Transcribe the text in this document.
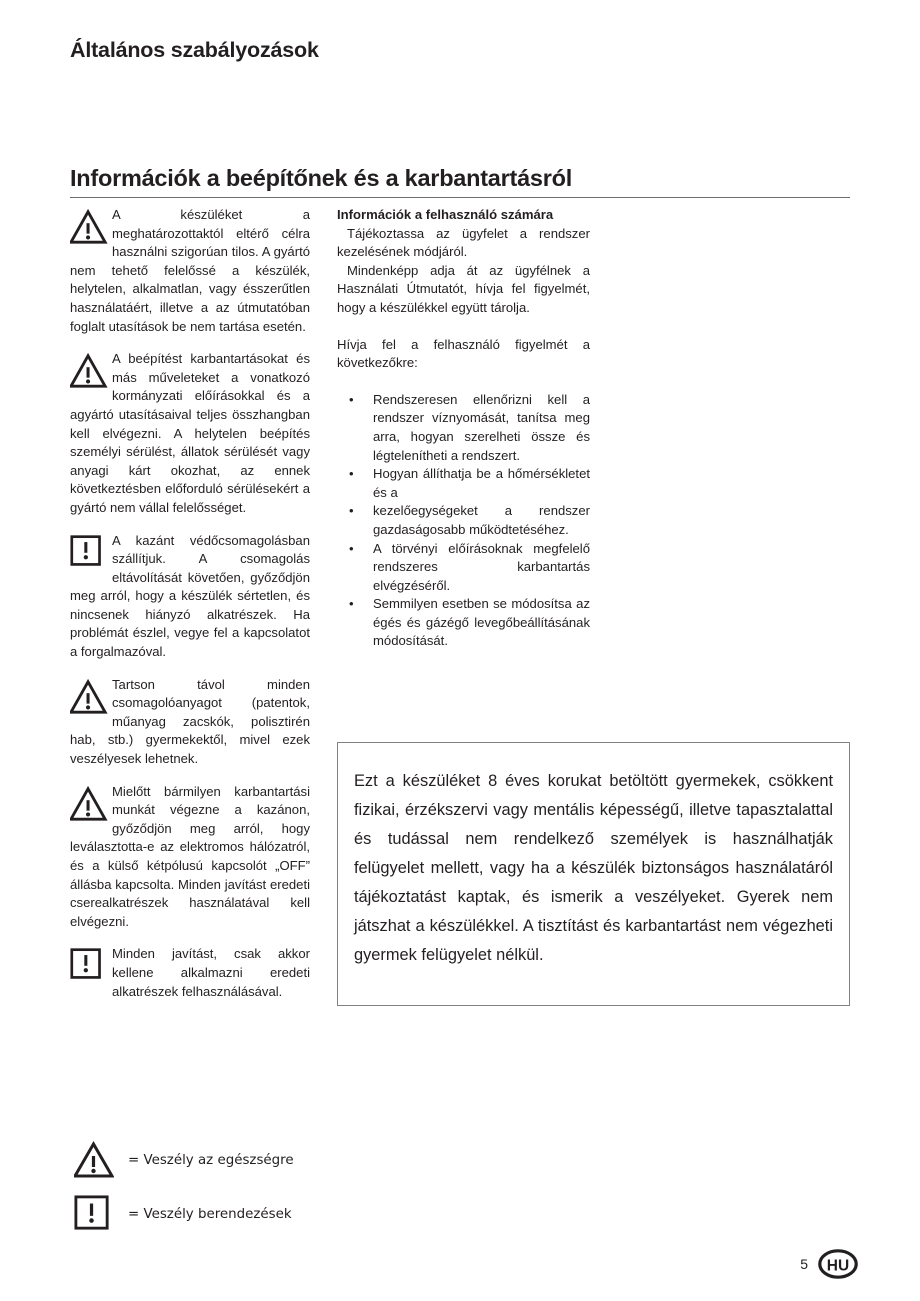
Általános szabályozások
Információk a beépítőnek és a karbantartásról
A készüléket a meghatározottaktól eltérő célra használni szigorúan tilos. A gyártó nem tehető felelőssé a készülék, helytelen, alkalmatlan, vagy ésszerűtlen használatáért, illetve a az útmutatóban foglalt utasítások be nem tartása esetén.
A beépítést karbantartásokat és más műveleteket a vonatkozó kormányzati előírásokkal és a agyártó utasításaival teljes összhangban kell elvégezni. A helytelen beépítés személyi sérülést, állatok sérülését vagy anyagi kárt okozhat, az ennek következtésben előforduló sérülésekért a gyártó nem vállal felelősséget.
A kazánt védőcsomagolásban szállítjuk. A csomagolás eltávolítását követően, győződjön meg arról, hogy a készülék sértetlen, és nincsenek hiányzó alkatrészek. Ha problémát észlel, vegye fel a kapcsolatot a forgalmazóval.
Tartson távol minden csomagolóanyagot (patentok, műanyag zacskók, polisztirén hab, stb.) gyermekektől, mivel ezek veszélyesek lehetnek.
Mielőtt bármilyen karbantartási munkát végezne a kazánon, győződjön meg arról, hogy leválasztotta-e az elektromos hálózatról, és a külső kétpólusú kapcsolót „OFF” állásba kapcsolta. Minden javítást eredeti cserealkatrészek használatával kell elvégezni.
Minden javítást, csak akkor kellene alkalmazni eredeti alkatrészek felhasználásával.
Információk a felhasználó számára
Tájékoztassa az ügyfelet a rendszer kezelésének módjáról.
Mindenképp adja át az ügyfélnek a Használati Útmutatót, hívja fel figyelmét, hogy a készülékkel együtt tárolja.
Hívja fel a felhasználó figyelmét a következőkre:
• Rendszeresen ellenőrizni kell a rendszer víznyomását, tanítsa meg arra, hogyan szerelheti össze és légtelenítheti a rendszert.
• Hogyan állíthatja be a hőmérsékletet és a
• kezelőegységeket a rendszer gazdaságosabb működtetéséhez.
• A törvényi előírásoknak megfelelő rendszeres karbantartás elvégzéséről.
• Semmilyen esetben se módosítsa az égés és gázégő levegőbeállításának módosítását.
Ezt a készüléket 8 éves korukat betöltött gyermekek, csökkent fizikai, érzékszervi vagy mentális képességű, illetve tapasztalattal és tudással nem rendelkező személyek is használhatják felügyelet mellett, vagy ha a készülék biztonságos használatáról tájékoztatást kaptak, és ismerik a veszélyeket. Gyerek nem játszhat a készülékkel. A tisztítást és karbantartást nem végezheti gyermek felügyelet nélkül.
= Veszély az egészségre
= Veszély berendezések
5 HU
